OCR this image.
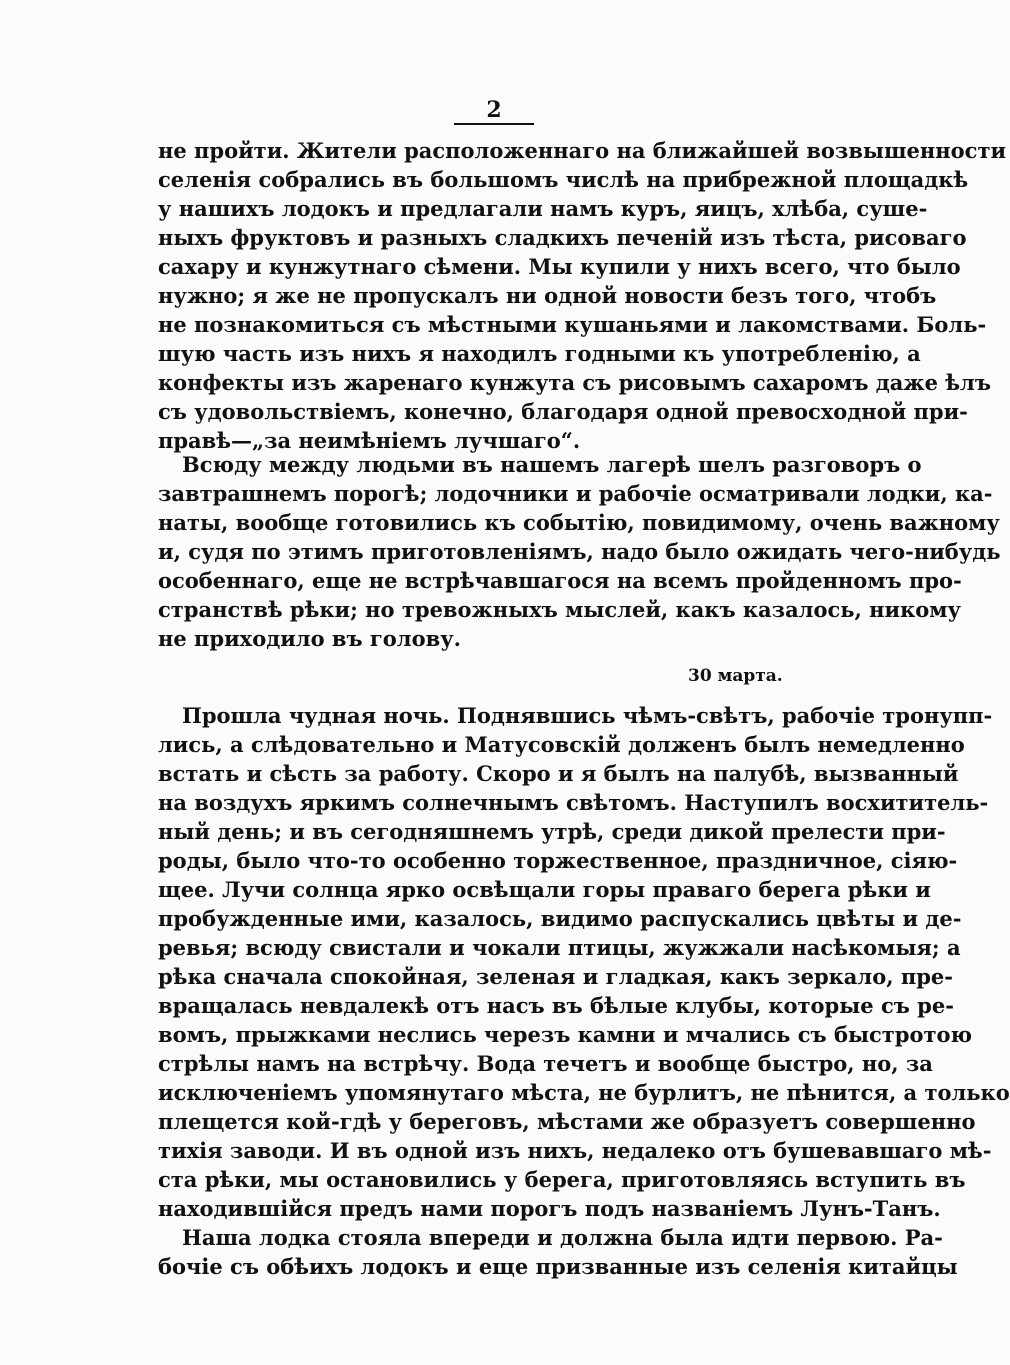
2
не пройти. Жители расположеннаго на ближайшей возвышенности
селенія собрались въ большомъ числѣ на прибрежной площадкѣ
у нашихъ лодокъ и предлагали намъ куръ, яицъ, хлѣба, суше-
ныхъ фруктовъ и разныхъ сладкихъ печеній изъ тѣста, рисоваго
сахару и кунжутнаго сѣмени. Мы купили у нихъ всего, что было
нужно; я же не пропускалъ ни одной новости безъ того, чтобъ
не познакомиться съ мѣстными кушаньями и лакомствами. Боль-
шую часть изъ нихъ я находилъ годными къ употребленію, а
конфекты изъ жаренаго кунжута съ рисовымъ сахаромъ даже ѣлъ
съ удовольствіемъ, конечно, благодаря одной превосходной при-
правѣ—„за неимѣніемъ лучшаго“.
Всюду между людьми въ нашемъ лагерѣ шелъ разговоръ о
завтрашнемъ порогѣ; лодочники и рабочіе осматривали лодки, ка-
наты, вообще готовились къ событію, повидимому, очень важному
и, судя по этимъ приготовленіямъ, надо было ожидать чего-нибудь
особеннаго, еще не встрѣчавшагося на всемъ пройденномъ про-
странствѣ рѣки; но тревожныхъ мыслей, какъ казалось, никому
не приходило въ голову.
30 марта.
Прошла чудная ночь. Поднявшись чѣмъ-свѣтъ, рабочіе тронупп-
лись, а слѣдовательно и Матусовскій долженъ былъ немедленно
встать и сѣсть за работу. Скоро и я былъ на палубѣ, вызванный
на воздухъ яркимъ солнечнымъ свѣтомъ. Наступилъ восхититель-
ный день; и въ сегодняшнемъ утрѣ, среди дикой прелести при-
роды, было что-то особенно торжественное, праздничное, сіяю-
щее. Лучи солнца ярко освѣщали горы праваго берега рѣки и
пробужденные ими, казалось, видимо распускались цвѣты и де-
ревья; всюду свистали и чокали птицы, жужжали насѣкомыя; а
рѣка сначала спокойная, зеленая и гладкая, какъ зеркало, пре-
вращалась невдалекѣ отъ насъ въ бѣлые клубы, которые съ ре-
вомъ, прыжками неслись черезъ камни и мчались съ быстротою
стрѣлы намъ на встрѣчу. Вода течетъ и вообще быстро, но, за
исключеніемъ упомянутаго мѣста, не бурлитъ, не пѣнится, а только
плещется кой-гдѣ у береговъ, мѣстами же образуетъ совершенно
тихія заводи. И въ одной изъ нихъ, недалеко отъ бушевавшаго мѣ-
ста рѣки, мы остановились у берега, приготовляясь вступить въ
находившійся предъ нами порогъ подъ названіемъ Лунъ-Танъ.
Наша лодка стояла впереди и должна была идти первою. Ра-
бочіе съ обѣихъ лодокъ и еще призванные изъ селенія китайцы
